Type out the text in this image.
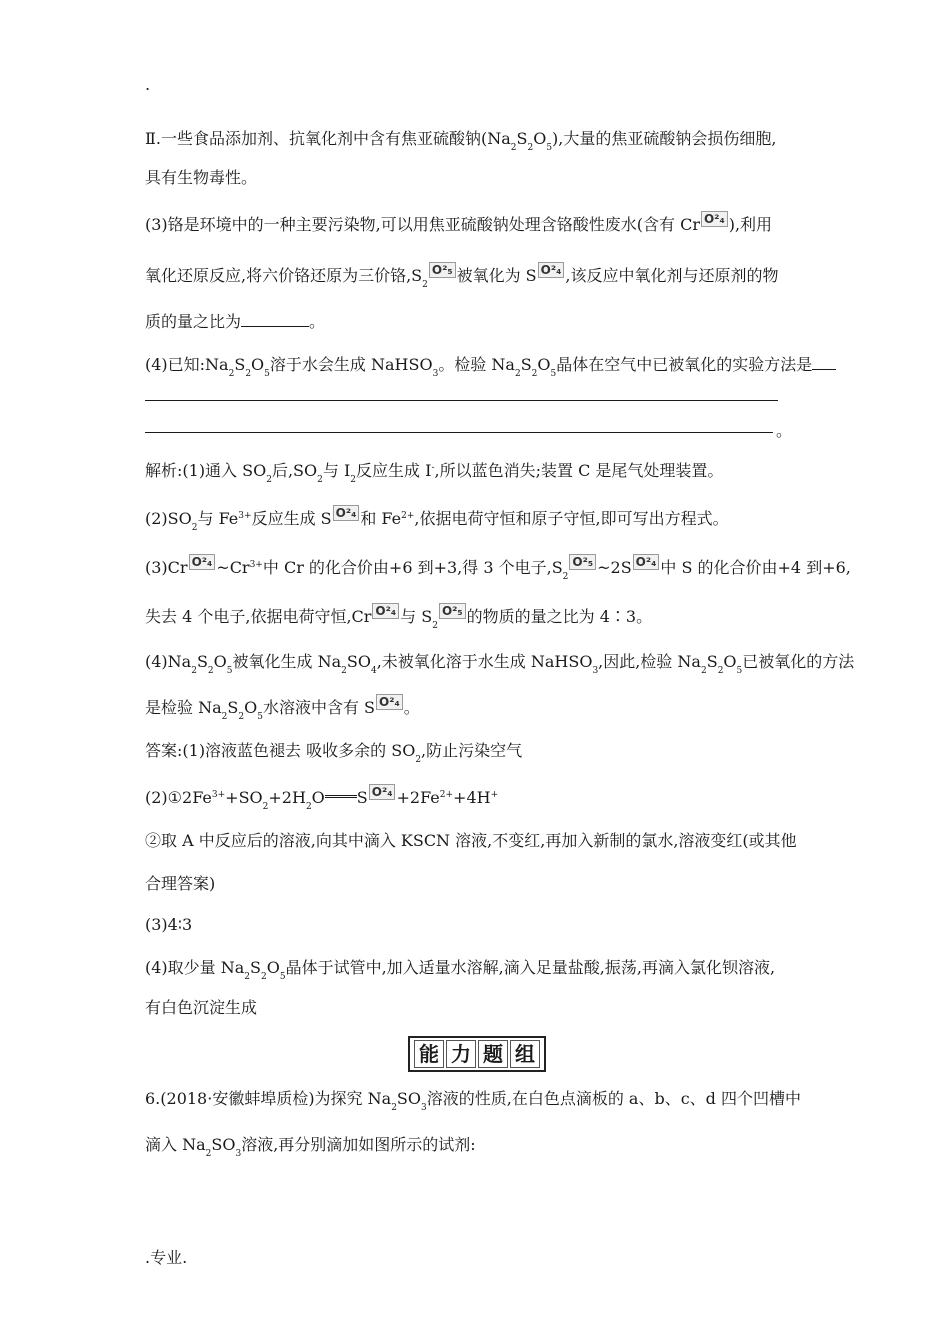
.
Ⅱ.一些食品添加剂、抗氧化剂中含有焦亚硫酸钠$(Na_2S_2O_5)$,大量的焦亚硫酸钠会损伤细胞,
具有生物毒性。
(3)铬是环境中的一种主要污染物,可以用焦亚硫酸钠处理含铬酸性废水(含有 Cr O²₄ ),利用
氧化还原反应,将六价铬还原为三价铬$,S_2O^2_5$ 被氧化为 S O²₄ ,该反应中氧化剂与还原剂的物
质的量之比为	。
(4)已知$:Na_2S_2O_5$溶于水会生成 NaHSO$_3$。检验 $Na_2S_2O_5$晶体在空气中已被氧化的实验方法是
。
解析:(1)通入 $SO_2$后$,SO_2$与 $I_2$反应生成 I-,所以蓝色消失;装置 C 是尾气处理装置。
$(2)SO_2$与 $Fe^{3+}$反应生成 S O²₄ 和 $Fe^{2+}$,依据电荷守恒和原子守恒,即可写出方程式。
(3)Cr O²₄ $\sim Cr^{3+}$中 Cr 的化合价由+6 到+3,得 3 个电子$,S_2O^2_5$ ~2S O²₄ 中 S 的化合价由+4 到+6,
失去 4 个电子,依据电荷守恒,Cr O²₄ 与 $S_2O^2_5$ 的物质的量之比为 4∶3。
$(4)Na_2S_2O_5$被氧化生成 $Na_2SO_4$,未被氧化溶于水生成 NaHSO$_3$,因此,检验 $Na_2S_2O_5$已被氧化的方法
是检验 $Na_2S_2O_5$水溶液中含有 S O²₄ 。
答案:(1)溶液蓝色褪去 吸收多余的 $SO_2$,防止污染空气
$(2)①2Fe^{3+}+SO_2+2H_2O$ S $O^2_4 +2Fe^{2+}+4H^+$
②取 A 中反应后的溶液,向其中滴入 KSCN 溶液,不变红,再加入新制的氯水,溶液变红(或其他
合理答案)
(3)4∶3
(4)取少量 $Na_2S_2O_5$晶体于试管中,加入适量水溶解,滴入足量盐酸,振荡,再滴入氯化钡溶液,
有白色沉淀生成
能 力 题 组
6.(2018·安徽蚌埠质检)为探究 $Na_2SO_3$溶液的性质,在白色点滴板的 a、b、c、d 四个凹槽中
滴入 $Na_2SO_3$溶液,再分别滴加如图所示的试剂:
.专业.
